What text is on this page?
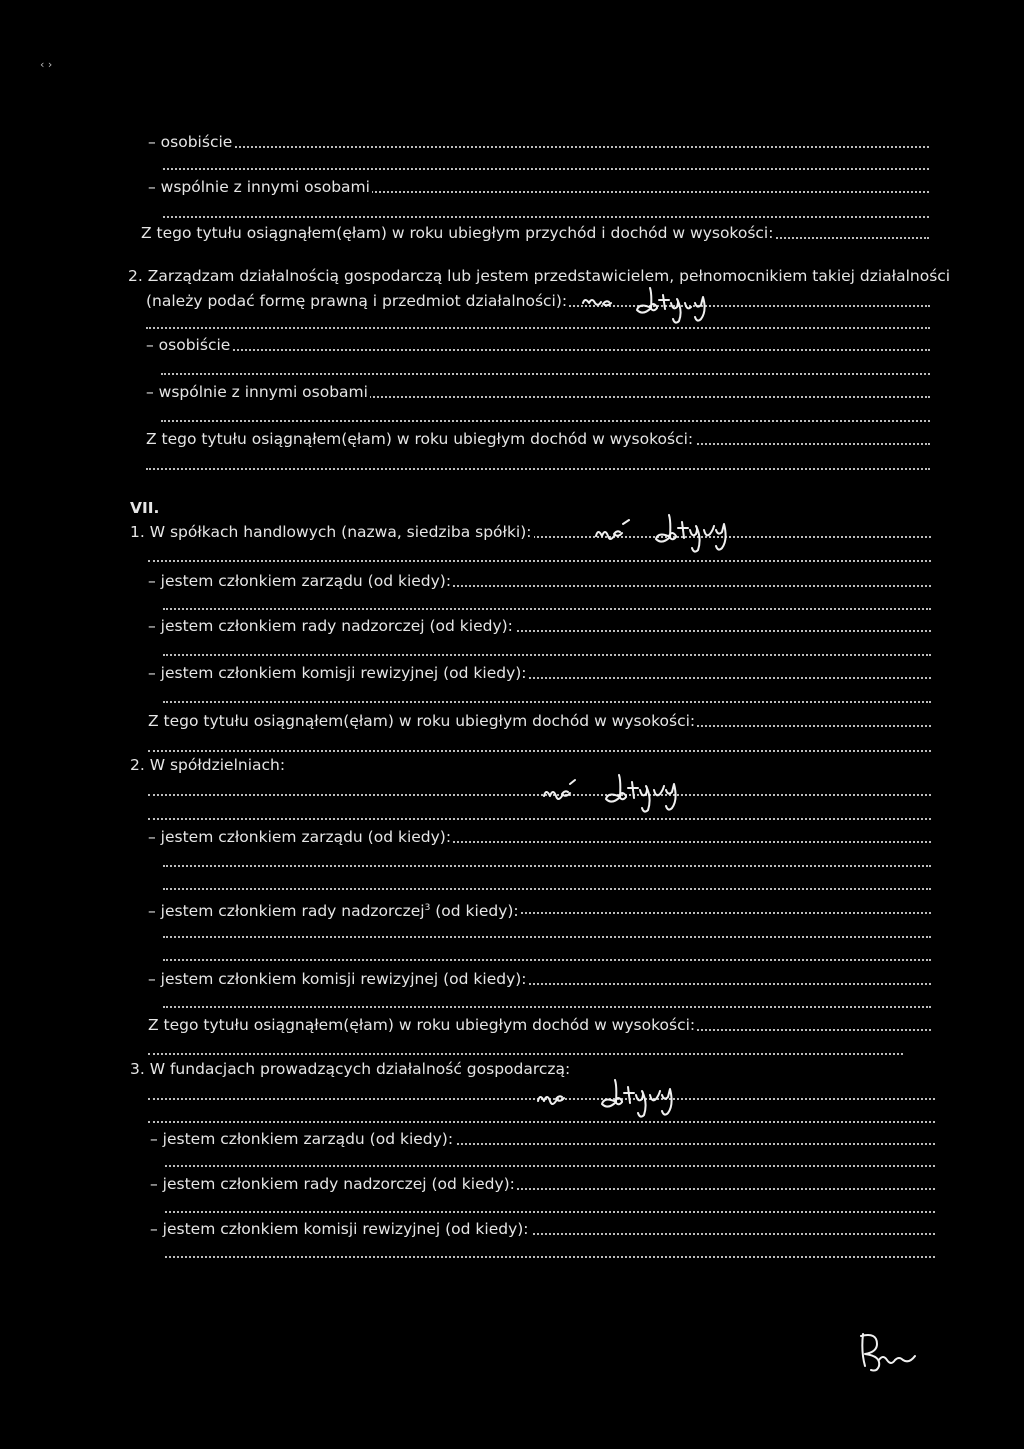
‹ ›
– osobiście
– wspólnie z innymi osobami
Z tego tytułu osiągnąłem(ęłam) w roku ubiegłym przychód i dochód w wysokości:
2. Zarządzam działalnością gospodarczą lub jestem przedstawicielem, pełnomocnikiem takiej działalności
(należy podać formę prawną i przedmiot działalności):
– osobiście
– wspólnie z innymi osobami
Z tego tytułu osiągnąłem(ęłam) w roku ubiegłym dochód w wysokości:
VII.
1. W spółkach handlowych (nazwa, siedziba spółki):
– jestem członkiem zarządu (od kiedy):
– jestem członkiem rady nadzorczej (od kiedy):
– jestem członkiem komisji rewizyjnej (od kiedy):
Z tego tytułu osiągnąłem(ęłam) w roku ubiegłym dochód w wysokości:
2. W spółdzielniach:
– jestem członkiem zarządu (od kiedy):
– jestem członkiem rady nadzorczej$^3$ (od kiedy):
– jestem członkiem komisji rewizyjnej (od kiedy):
Z tego tytułu osiągnąłem(ęłam) w roku ubiegłym dochód w wysokości:
3. W fundacjach prowadzących działalność gospodarczą:
– jestem członkiem zarządu (od kiedy):
– jestem członkiem rady nadzorczej (od kiedy):
– jestem członkiem komisji rewizyjnej (od kiedy):
